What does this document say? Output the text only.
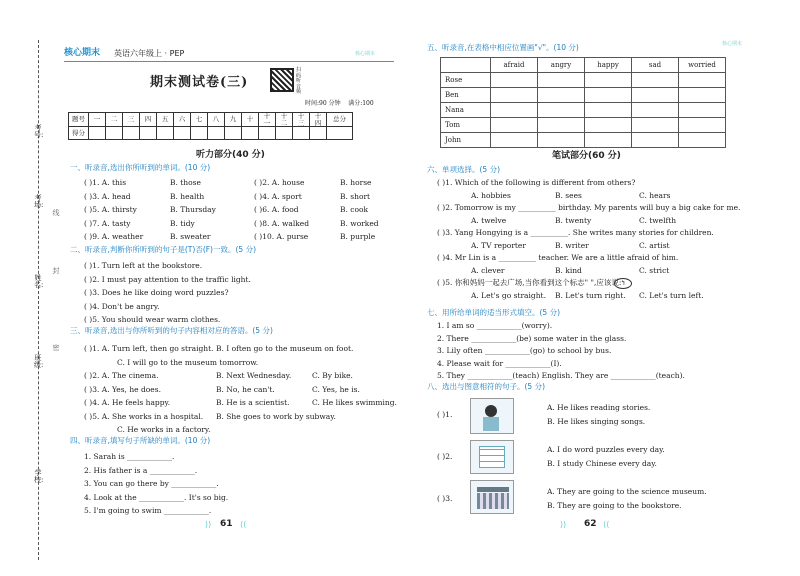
核心期末 英语六年级上 · PEP	核心期末
核心期末
期末测试卷(三)
扫码听音频
时间:90 分钟 满分:100
题号	一	二	三	四	五	六	七	八	九	十	十一	十二	十三	十四	总分
得分															
考号:
考场:
姓名:
班级:
学校:
线
封
密
听力部分(40 分)
一、听录音,选出你所听到的单词。(10 分)
( )1. A. this	B. those	( )2. A. house	B. horse
( )3. A. head	B. health	( )4. A. sport	B. short
( )5. A. thirsty	B. Thursday	( )6. A. food	B. cook
( )7. A. tasty	B. tidy	( )8. A. walked	B. worked
( )9. A. weather	B. sweater	( )10. A. purse	B. purple
二、听录音,判断你所听到的句子是(T)否(F)一致。(5 分)
( )1. Turn left at the bookstore.
( )2. I must pay attention to the traffic light.
( )3. Does he like doing word puzzles?
( )4. Don't be angry.
( )5. You should wear warm clothes.
三、听录音,选出与你所听到的句子内容相对应的答语。(5 分)
( )1. A. Turn left, then go straight. B. I often go to the museum on foot.
C. I will go to the museum tomorrow.
( )2. A. The cinema.	B. Next Wednesday.	C. By bike.
( )3. A. Yes, he does.	B. No, he can't.	C. Yes, he is.
( )4. A. He feels happy.	B. He is a scientist.	C. He likes swimming.
( )5. A. She works in a hospital. B. She goes to work by subway.
C. He works in a factory.
四、听录音,填写句子所缺的单词。(10 分)
1. Sarah is ____________.
2. His father is a ____________.
3. You can go there by ____________.
4. Look at the ____________. It's so big.
5. I'm going to swim ____________.
⟩⟩ 61 ⟨⟨
五、听录音,在表格中相应位置画"√"。(10 分)
	afraid	angry	happy	sad	worried
Rose					
Ben					
Nana					
Tom					
John					
笔试部分(60 分)
六、单项选择。(5 分)
( )1. Which of the following is different from others?
A. hobbies	B. sees	C. hears
( )2. Tomorrow is my __________ birthday. My parents will buy a big cake for me.
A. twelve	B. twenty	C. twelfth
( )3. Yang Hongying is a __________. She writes many stories for children.
A. TV reporter	B. writer	C. artist
( )4. Mr Lin is a __________ teacher. We are a little afraid of him.
A. clever	B. kind	C. strict
( )5. 你和妈妈一起去广场,当你看到这个标志" ",应该说:
A. Let's go straight. B. Let's turn right. C. Let's turn left.
↰
七、用所给单词的适当形式填空。(5 分)
1. I am so ____________(worry).
2. There ____________(be) some water in the glass.
3. Lily often ____________(go) to school by bus.
4. Please wait for ____________(I).
5. They ____________(teach) English. They are ____________(teach).
八、选出与图意相符的句子。(5 分)
( )1.
A. He likes reading stories.
B. He likes singing songs.
( )2.
A. I do word puzzles every day.
B. I study Chinese every day.
( )3.
A. They are going to the science museum.
B. They are going to the bookstore.
⟩⟩ 62 ⟨⟨
